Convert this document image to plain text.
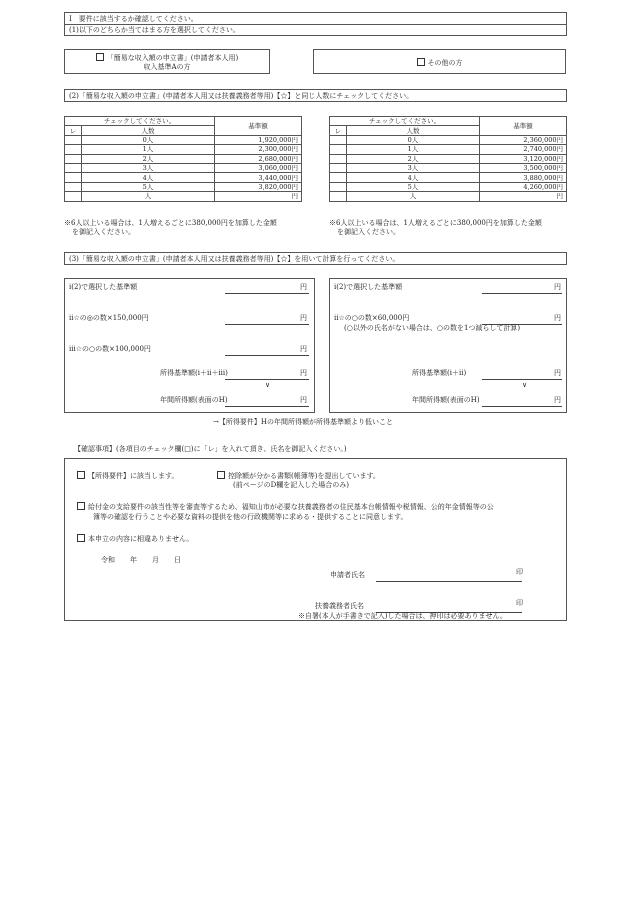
I　要件に該当するか確認してください。
(1)以下のどちらか当てはまる方を選択してください。
「簡易な収入額の申立書」(申請者本人用)
収入基準Aの方	その他の方
(2)「簡易な収入額の申立書」(申請者本人用又は扶養義務者等用)【☆】と同じ人数にチェックしてください。
チェックしてください。		基準額
レ	人数	
	0人	1,920,000円
	1人	2,300,000円
	2人	2,680,000円
	3人	3,060,000円
	4人	3,440,000円
	5人	3,820,000円
	人	円
チェックしてください。		基準額
レ	人数	
	0人	2,360,000円
	1人	2,740,000円
	2人	3,120,000円
	3人	3,500,000円
	4人	3,880,000円
	5人	4,260,000円
	人	円
※6人以上いる場合は、1人増えるごとに380,000円を加算した金額
を御記入ください。
※6人以上いる場合は、1人増えるごとに380,000円を加算した金額
を御記入ください。
(3)「簡易な収入額の申立書」(申請者本人用又は扶養義務者等用)【☆】を用いて計算を行ってください。
i(2)で選択した基準額	円
ii☆の◎の数×150,000円	円
iii☆の○の数×100,000円	円
所得基準額(i＋ii＋iii)	円
∨
年間所得額(表面のH)	円
i(2)で選択した基準額	円
ii☆の○の数×60,000円	円
(○以外の氏名がない場合は、○の数を1つ減らして計算)
所得基準額(i＋ii)	円
∨
年間所得額(表面のH)	円
→【所得要件】Hの年間所得額が所得基準額より低いこと
【確認事項】(各項目のチェック欄(□)に「レ」を入れて頂き、氏名を御記入ください。)
【所得要件】に該当します。	控除額が分かる書類(帳簿等)を提出しています。
(前ページのD欄を記入した場合のみ)
給付金の支給要件の該当性等を審査等するため、福知山市が必要な扶養義務者の住民基本台帳情報や税情報、公的年金情報等の公
簿等の確認を行うことや必要な資料の提供を他の行政機関等に求める・提供することに同意します。
本申立の内容に相違ありません。
令和 年 月 日
申請者氏名	印
扶養義務者氏名	印
※自署(本人が手書きで記入)した場合は、押印は必要ありません。
